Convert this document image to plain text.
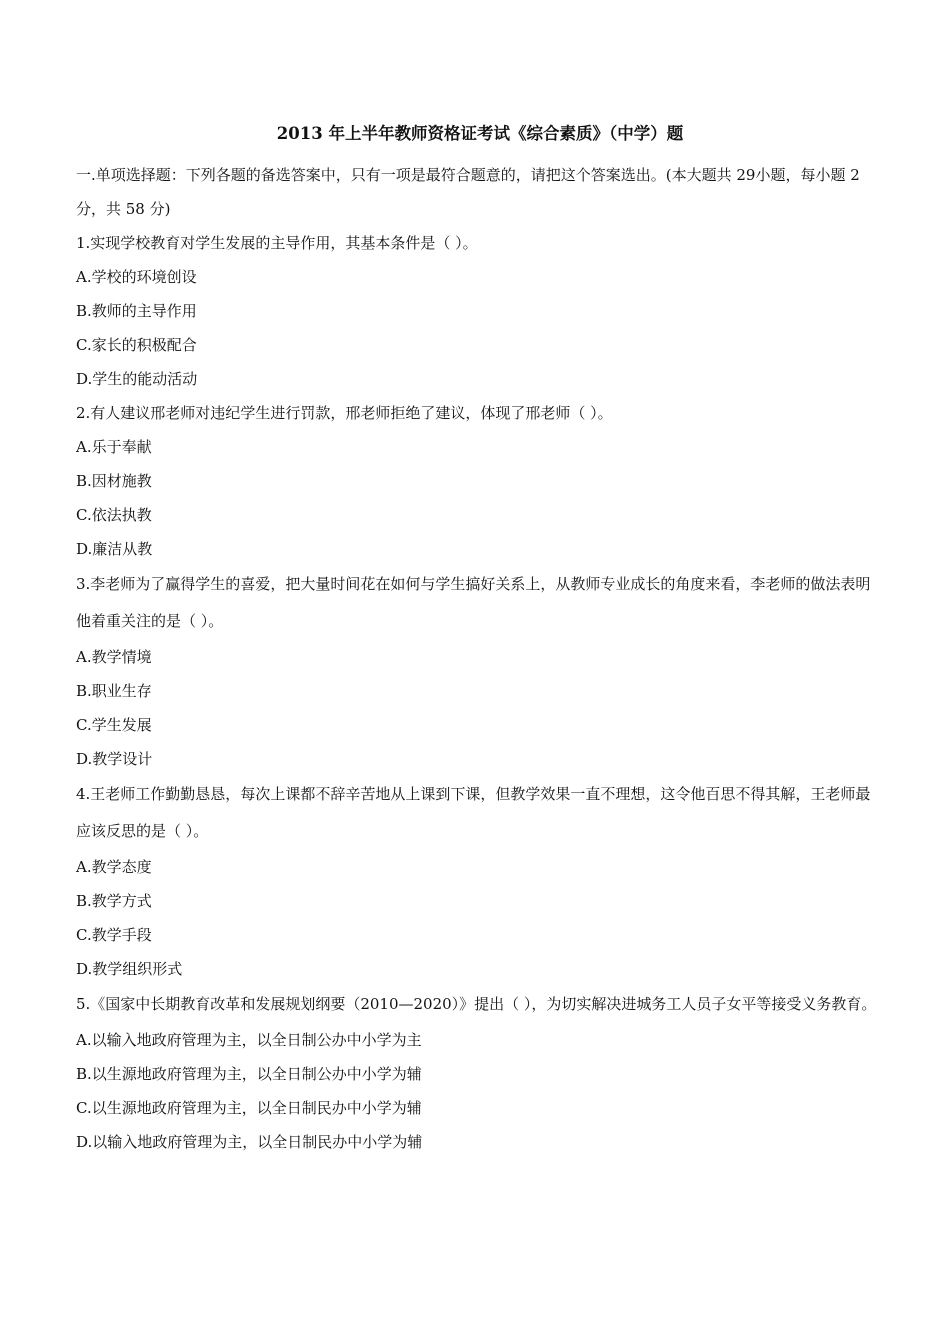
2013 年上半年教师资格证考试《综合素质》（中学）题

一.单项选择题：下列各题的备选答案中，只有一项是最符合题意的，请把这个答案选出。(本大题共 29小题，每小题 2 分，共 58 分)

1.实现学校教育对学生发展的主导作用，其基本条件是（ ）。

A.学校的环境创设

B.教师的主导作用

C.家长的积极配合

D.学生的能动活动

2.有人建议邢老师对违纪学生进行罚款，邢老师拒绝了建议，体现了邢老师（ ）。

A.乐于奉献

B.因材施教

C.依法执教

D.廉洁从教

3.李老师为了赢得学生的喜爱，把大量时间花在如何与学生搞好关系上，从教师专业成长的角度来看，李老师的做法表明他着重关注的是（ ）。

A.教学情境

B.职业生存

C.学生发展

D.教学设计

4.王老师工作勤勤恳恳，每次上课都不辞辛苦地从上课到下课，但教学效果一直不理想，这令他百思不得其解，王老师最应该反思的是（ ）。

A.教学态度

B.教学方式

C.教学手段

D.教学组织形式

5.《国家中长期教育改革和发展规划纲要（2010—2020）》提出（ ），为切实解决进城务工人员子女平等接受义务教育。

A.以输入地政府管理为主，以全日制公办中小学为主

B.以生源地政府管理为主，以全日制公办中小学为辅

C.以生源地政府管理为主，以全日制民办中小学为辅

D.以输入地政府管理为主，以全日制民办中小学为辅
